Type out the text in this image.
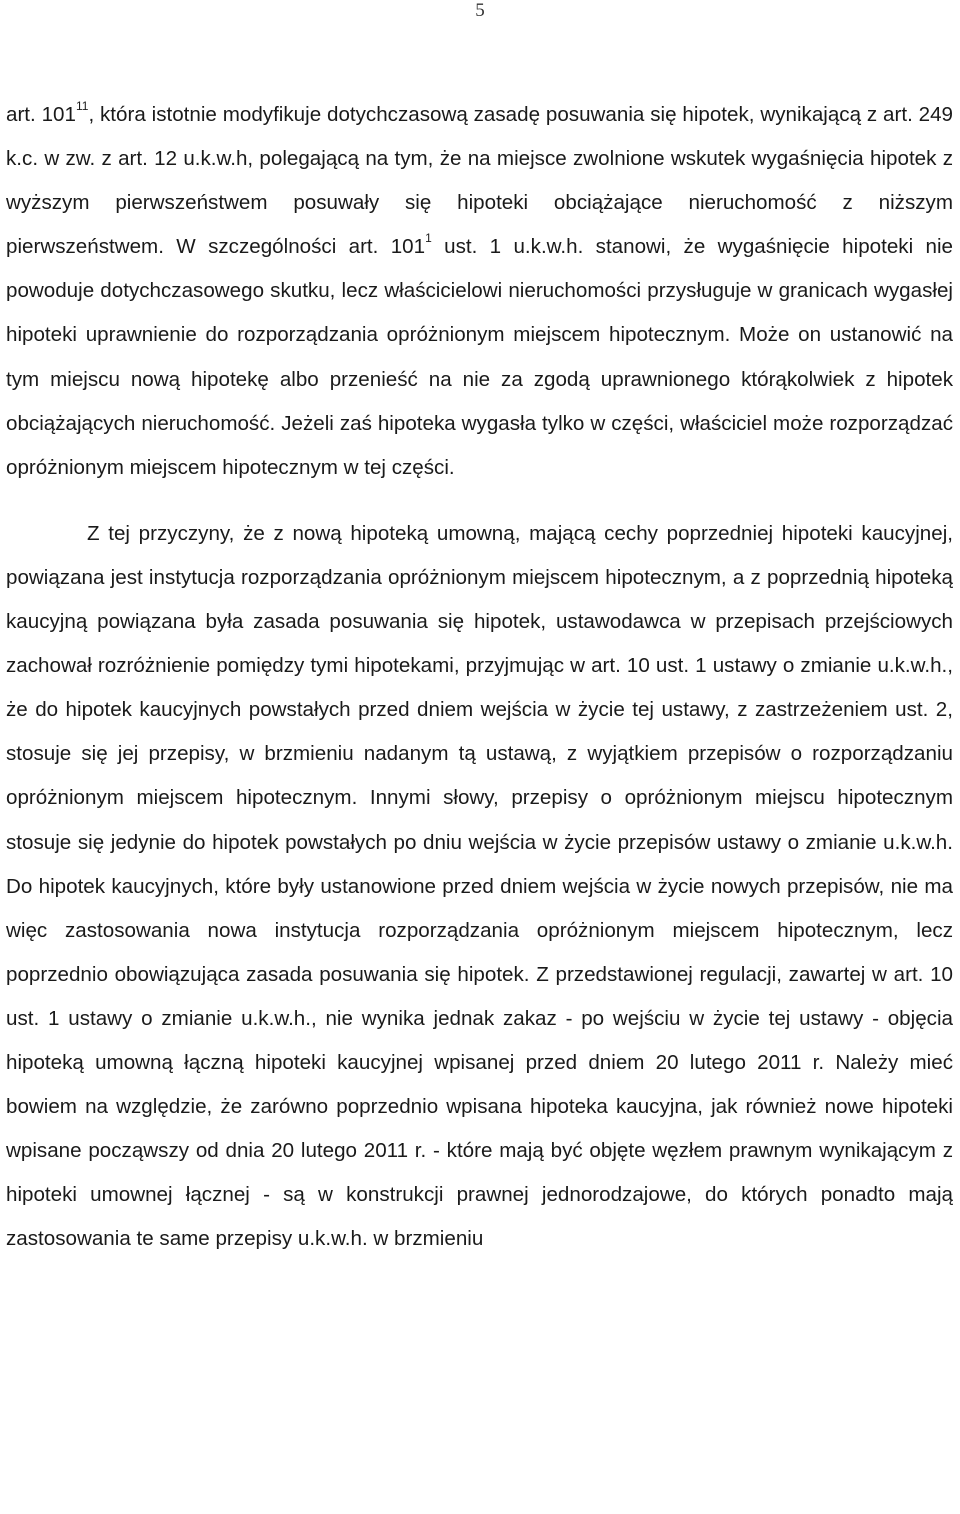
5

art. $101^{11}$, która istotnie modyfikuje dotychczasową zasadę posuwania się hipotek, wynikającą z art. 249 k.c. w zw. z art. 12 u.k.w.h, polegającą na tym, że na miejsce zwolnione wskutek wygaśnięcia hipotek z wyższym pierwszeństwem posuwały się hipoteki obciążające nieruchomość z niższym pierwszeństwem. W szczególności art. $101^1$ ust. 1 u.k.w.h. stanowi, że wygaśnięcie hipoteki nie powoduje dotychczasowego skutku, lecz właścicielowi nieruchomości przysługuje w granicach wygasłej hipoteki uprawnienie do rozporządzania opróżnionym miejscem hipotecznym. Może on ustanowić na tym miejscu nową hipotekę albo przenieść na nie za zgodą uprawnionego którąkolwiek z hipotek obciążających nieruchomość. Jeżeli zaś hipoteka wygasła tylko w części, właściciel może rozporządzać opróżnionym miejscem hipotecznym w tej części.

Z tej przyczyny, że z nową hipoteką umowną, mającą cechy poprzedniej hipoteki kaucyjnej, powiązana jest instytucja rozporządzania opróżnionym miejscem hipotecznym, a z poprzednią hipoteką kaucyjną powiązana była zasada posuwania się hipotek, ustawodawca w przepisach przejściowych zachował rozróżnienie pomiędzy tymi hipotekami, przyjmując w art. 10 ust. 1 ustawy o zmianie u.k.w.h., że do hipotek kaucyjnych powstałych przed dniem wejścia w życie tej ustawy, z zastrzeżeniem ust. 2, stosuje się jej przepisy, w brzmieniu nadanym tą ustawą, z wyjątkiem przepisów o rozporządzaniu opróżnionym miejscem hipotecznym. Innymi słowy, przepisy o opróżnionym miejscu hipotecznym stosuje się jedynie do hipotek powstałych po dniu wejścia w życie przepisów ustawy o zmianie u.k.w.h. Do hipotek kaucyjnych, które były ustanowione przed dniem wejścia w życie nowych przepisów, nie ma więc zastosowania nowa instytucja rozporządzania opróżnionym miejscem hipotecznym, lecz poprzednio obowiązująca zasada posuwania się hipotek. Z przedstawionej regulacji, zawartej w art. 10 ust. 1 ustawy o zmianie u.k.w.h., nie wynika jednak zakaz - po wejściu w życie tej ustawy - objęcia hipoteką umowną łączną hipoteki kaucyjnej wpisanej przed dniem 20 lutego 2011 r. Należy mieć bowiem na względzie, że zarówno poprzednio wpisana hipoteka kaucyjna, jak również nowe hipoteki wpisane począwszy od dnia 20 lutego 2011 r. - które mają być objęte węzłem prawnym wynikającym z hipoteki umownej łącznej - są w konstrukcji prawnej jednorodzajowe, do których ponadto mają zastosowania te same przepisy u.k.w.h. w brzmieniu
